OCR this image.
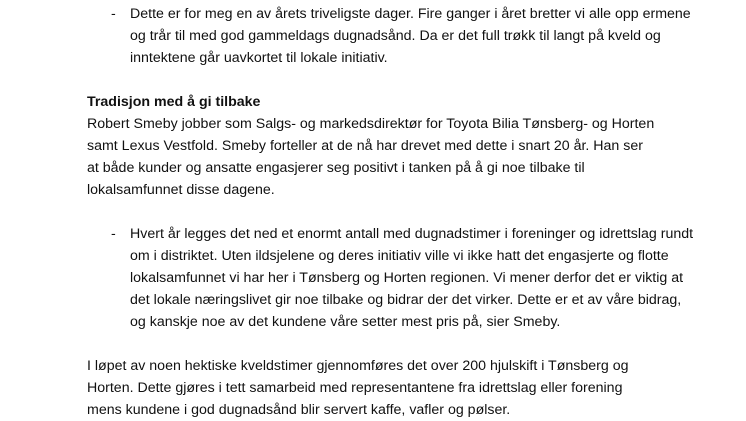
- Dette er for meg en av årets triveligste dager. Fire ganger i året bretter vi alle opp ermene og trår til med god gammeldags dugnadsånd. Da er det full trøkk til langt på kveld og inntektene går uavkortet til lokale initiativ.
Tradisjon med å gi tilbake
Robert Smeby jobber som Salgs- og markedsdirektør for Toyota Bilia Tønsberg- og Horten samt Lexus Vestfold. Smeby forteller at de nå har drevet med dette i snart 20 år. Han ser at både kunder og ansatte engasjerer seg positivt i tanken på å gi noe tilbake til lokalsamfunnet disse dagene.
- Hvert år legges det ned et enormt antall med dugnadstimer i foreninger og idrettslag rundt om i distriktet. Uten ildsjelene og deres initiativ ville vi ikke hatt det engasjerte og flotte lokalsamfunnet vi har her i Tønsberg og Horten regionen. Vi mener derfor det er viktig at det lokale næringslivet gir noe tilbake og bidrar der det virker. Dette er et av våre bidrag, og kanskje noe av det kundene våre setter mest pris på, sier Smeby.
I løpet av noen hektiske kveldstimer gjennomføres det over 200 hjulskift i Tønsberg og Horten. Dette gjøres i tett samarbeid med representantene fra idrettslag eller forening mens kundene i god dugnadsånd blir servert kaffe, vafler og pølser.
